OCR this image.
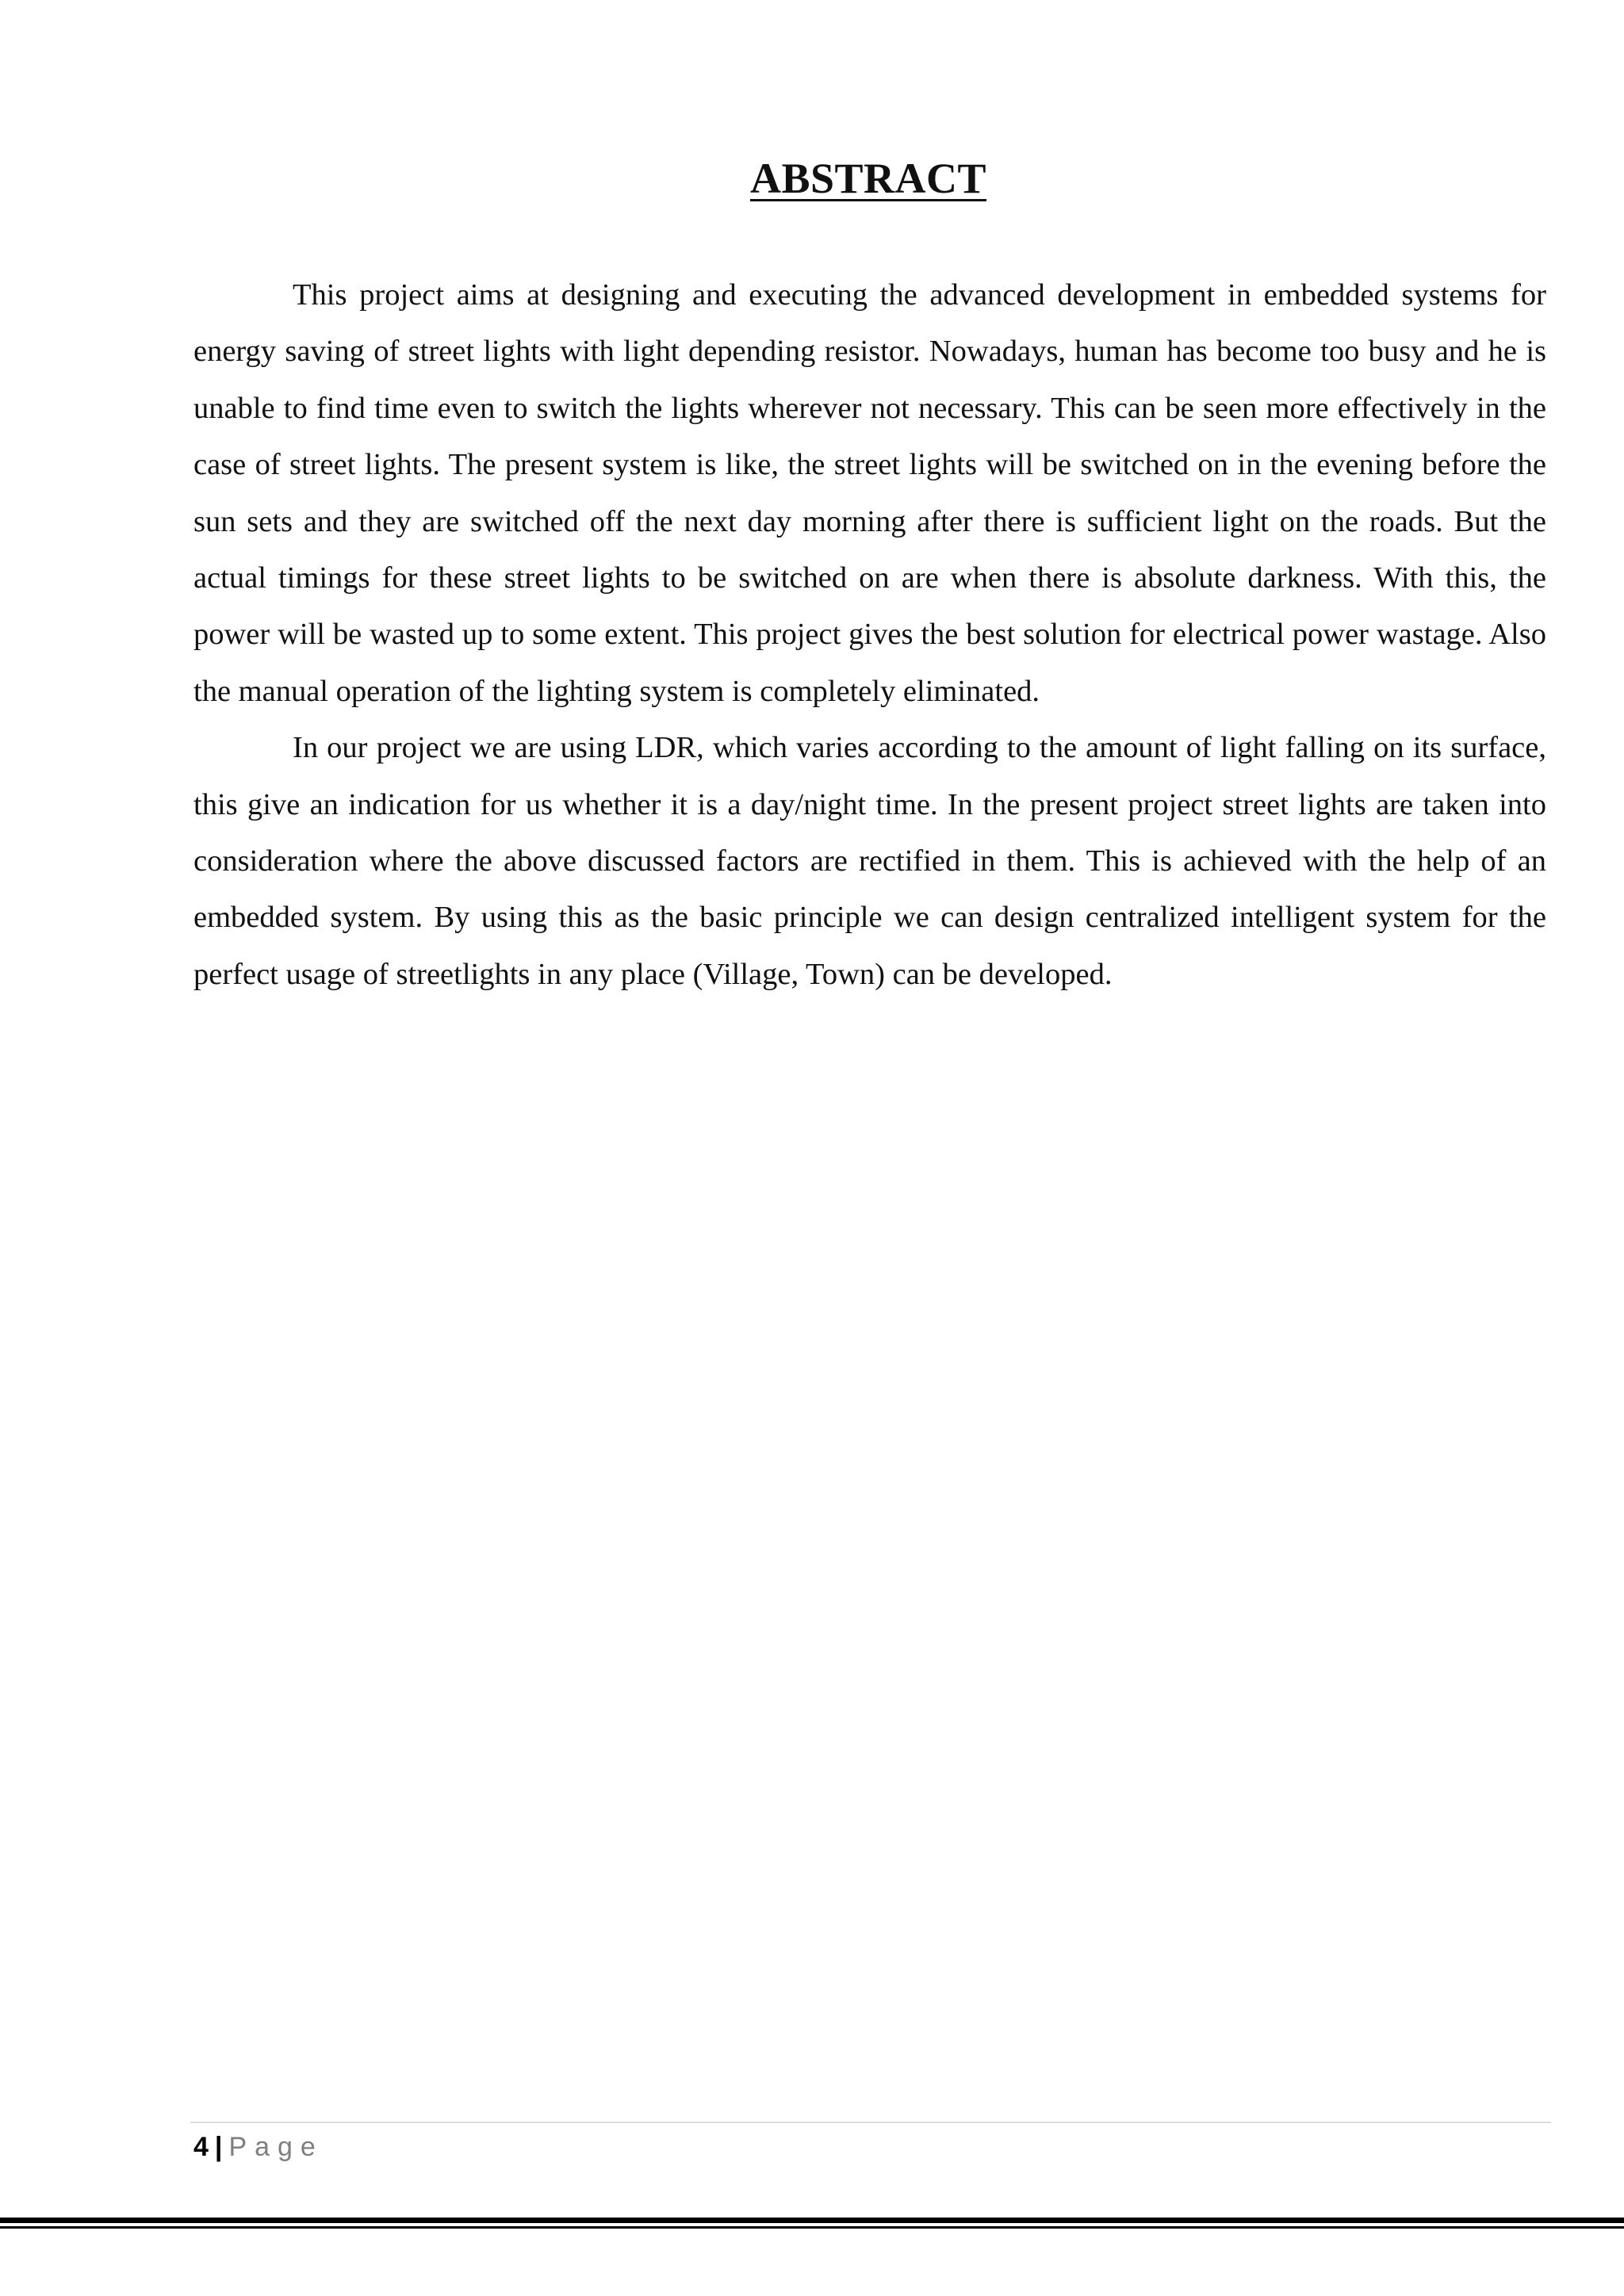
ABSTRACT

This project aims at designing and executing the advanced development in embedded systems for energy saving of street lights with light depending resistor. Nowadays, human has become too busy and he is unable to find time even to switch the lights wherever not necessary. This can be seen more effectively in the case of street lights. The present system is like, the street lights will be switched on in the evening before the sun sets and they are switched off the next day morning after there is sufficient light on the roads. But the actual timings for these street lights to be switched on are when there is absolute darkness. With this, the power will be wasted up to some extent. This project gives the best solution for electrical power wastage. Also the manual operation of the lighting system is completely eliminated.

In our project we are using LDR, which varies according to the amount of light falling on its surface, this give an indication for us whether it is a day/night time. In the present project street lights are taken into consideration where the above discussed factors are rectified in them. This is achieved with the help of an embedded system. By using this as the basic principle we can design centralized intelligent system for the perfect usage of streetlights in any place (Village, Town) can be developed.

4 | Page
